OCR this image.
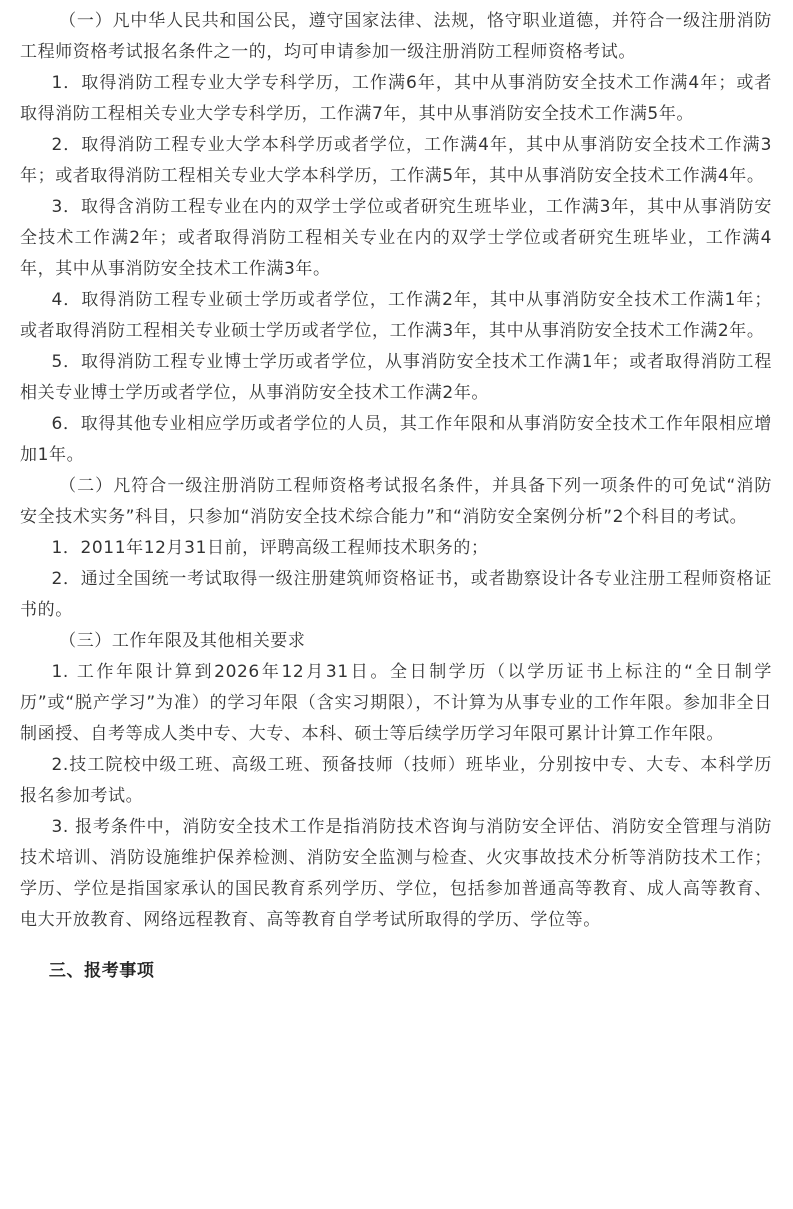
（一）凡中华人民共和国公民，遵守国家法律、法规，恪守职业道德，并符合一级注册消防工程师资格考试报名条件之一的，均可申请参加一级注册消防工程师资格考试。

1．取得消防工程专业大学专科学历，工作满6年，其中从事消防安全技术工作满4年；或者取得消防工程相关专业大学专科学历，工作满7年，其中从事消防安全技术工作满5年。

2．取得消防工程专业大学本科学历或者学位，工作满4年，其中从事消防安全技术工作满3年；或者取得消防工程相关专业大学本科学历，工作满5年，其中从事消防安全技术工作满4年。

3．取得含消防工程专业在内的双学士学位或者研究生班毕业，工作满3年，其中从事消防安全技术工作满2年；或者取得消防工程相关专业在内的双学士学位或者研究生班毕业，工作满4年，其中从事消防安全技术工作满3年。

4．取得消防工程专业硕士学历或者学位，工作满2年，其中从事消防安全技术工作满1年；或者取得消防工程相关专业硕士学历或者学位，工作满3年，其中从事消防安全技术工作满2年。

5．取得消防工程专业博士学历或者学位，从事消防安全技术工作满1年；或者取得消防工程相关专业博士学历或者学位，从事消防安全技术工作满2年。

6．取得其他专业相应学历或者学位的人员，其工作年限和从事消防安全技术工作年限相应增加1年。

（二）凡符合一级注册消防工程师资格考试报名条件，并具备下列一项条件的可免试“消防安全技术实务”科目，只参加“消防安全技术综合能力”和“消防安全案例分析”2个科目的考试。

1．2011年12月31日前，评聘高级工程师技术职务的；

2．通过全国统一考试取得一级注册建筑师资格证书，或者勘察设计各专业注册工程师资格证书的。

（三）工作年限及其他相关要求

1. 工作年限计算到2026年12月31日。全日制学历（以学历证书上标注的“全日制学历”或“脱产学习”为准）的学习年限（含实习期限），不计算为从事专业的工作年限。参加非全日制函授、自考等成人类中专、大专、本科、硕士等后续学历学习年限可累计计算工作年限。

2.技工院校中级工班、高级工班、预备技师（技师）班毕业，分别按中专、大专、本科学历报名参加考试。

3. 报考条件中，消防安全技术工作是指消防技术咨询与消防安全评估、消防安全管理与消防技术培训、消防设施维护保养检测、消防安全监测与检查、火灾事故技术分析等消防技术工作；学历、学位是指国家承认的国民教育系列学历、学位，包括参加普通高等教育、成人高等教育、电大开放教育、网络远程教育、高等教育自学考试所取得的学历、学位等。

三、报考事项
